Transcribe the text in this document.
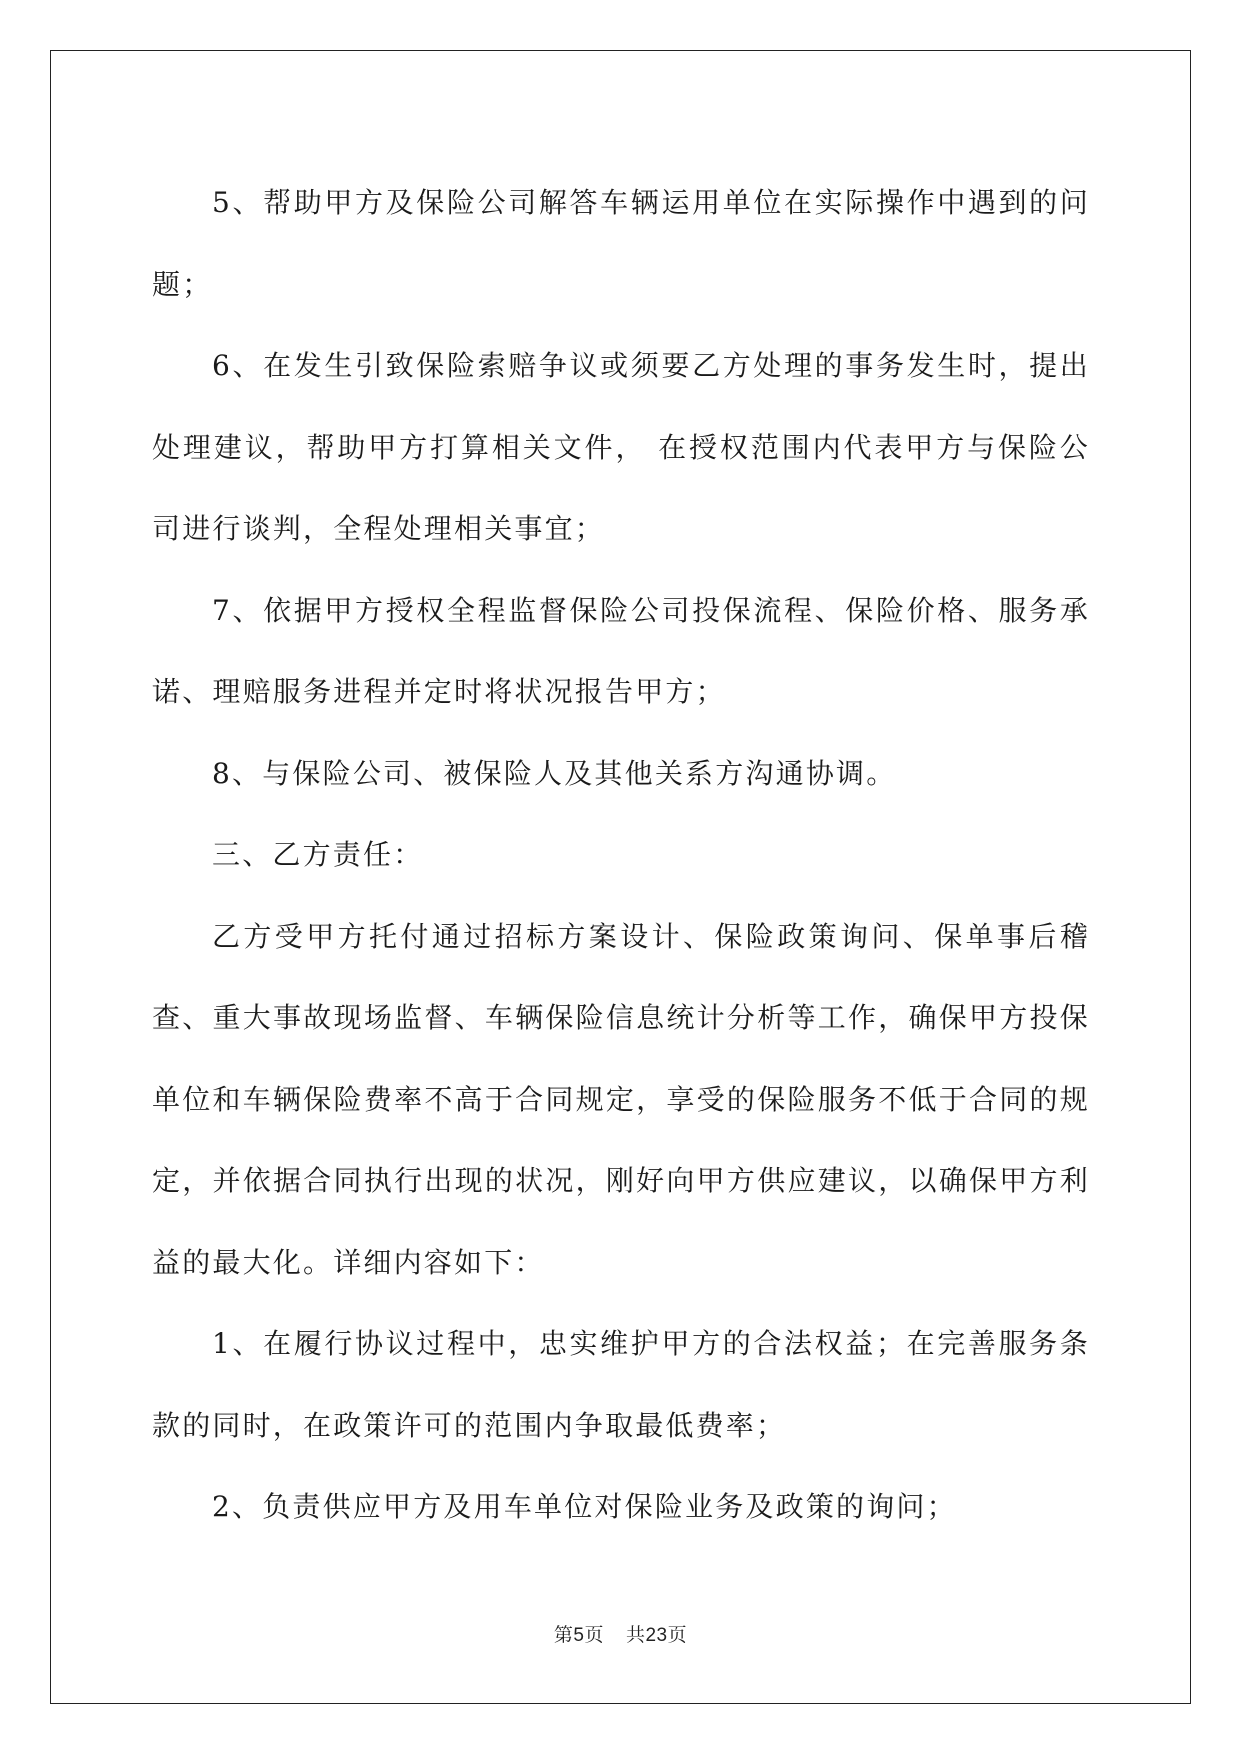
5、帮助甲方及保险公司解答车辆运用单位在实际操作中遇到的问题；

6、在发生引致保险索赔争议或须要乙方处理的事务发生时，提出处理建议，帮助甲方打算相关文件， 在授权范围内代表甲方与保险公司进行谈判，全程处理相关事宜；

7、依据甲方授权全程监督保险公司投保流程、保险价格、服务承诺、理赔服务进程并定时将状况报告甲方；

8、与保险公司、被保险人及其他关系方沟通协调。

三、乙方责任：

乙方受甲方托付通过招标方案设计、保险政策询问、保单事后稽查、重大事故现场监督、车辆保险信息统计分析等工作，确保甲方投保单位和车辆保险费率不高于合同规定，享受的保险服务不低于合同的规定，并依据合同执行出现的状况，刚好向甲方供应建议，以确保甲方利益的最大化。详细内容如下：

1、在履行协议过程中，忠实维护甲方的合法权益；在完善服务条款的同时，在政策许可的范围内争取最低费率；

2、负责供应甲方及用车单位对保险业务及政策的询问；

第5页 共23页
